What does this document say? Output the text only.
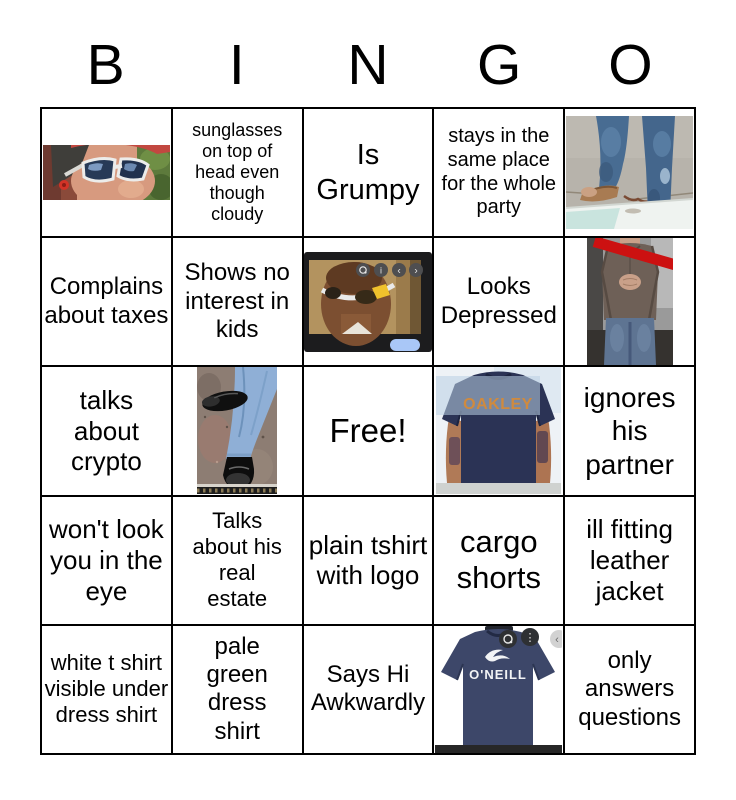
B	I	N	G	O
sunglasses on top of head even though cloudy
Is Grumpy
stays in the same place for the whole party
Complains about taxes
Shows no interest in kids
i ‹ ›
Looks Depressed
talks about crypto
Free!
OAKLEY	ignores his partner
won't look you in the eye
Talks about his real estate
plain tshirt with logo
cargo shorts
ill fitting leather jacket
white t shirt visible under dress shirt
pale green dress shirt
Says Hi Awkwardly
O'NEILL
⋮ ‹
only answers questions
